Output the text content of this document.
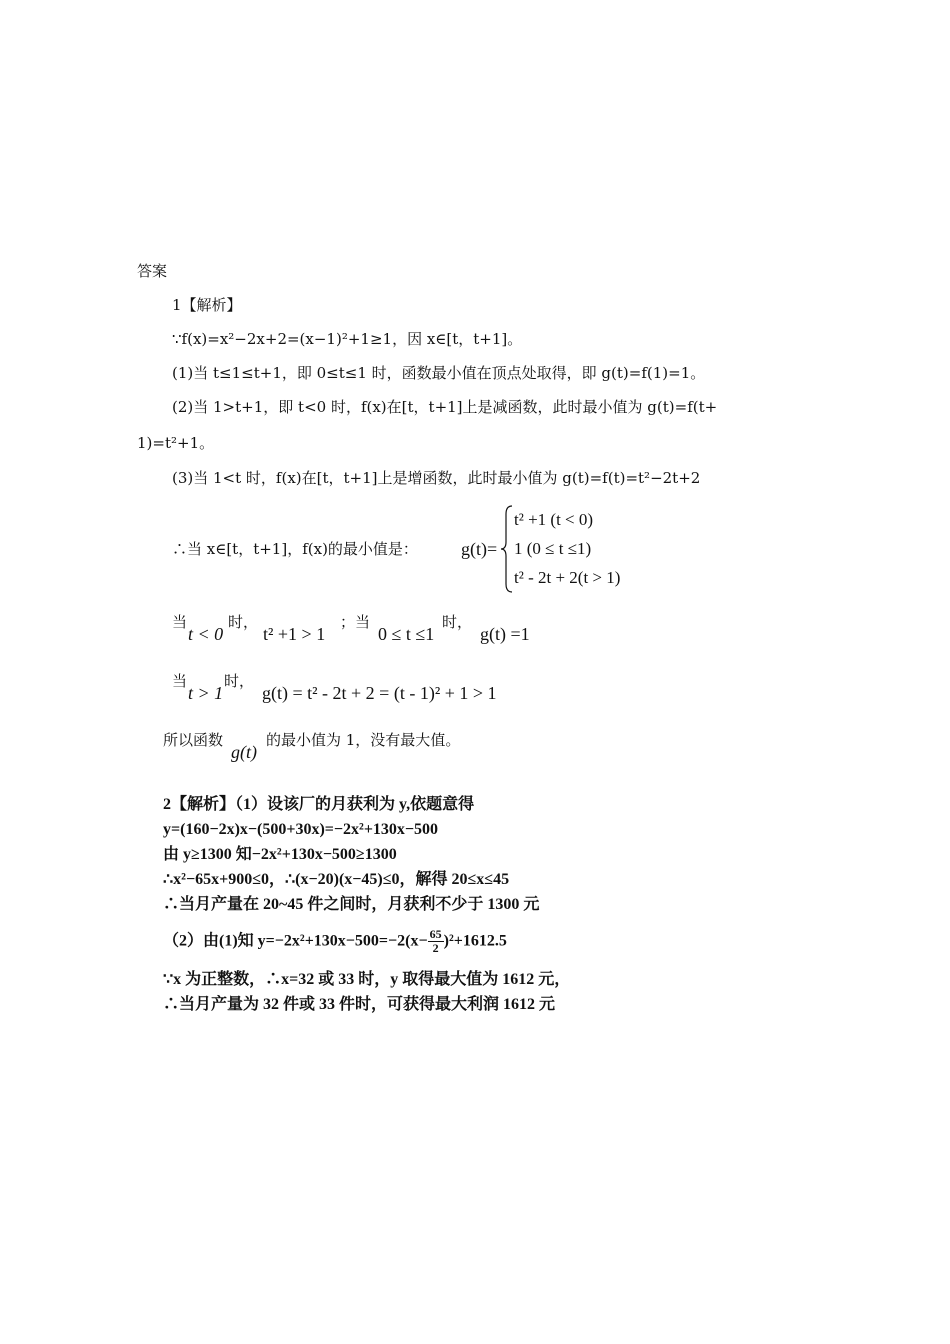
答案
1【解析】
∵f(x)=x²−2x+2=(x−1)²+1≥1，因 x∈[t，t+1]。
(1)当 t≤1≤t+1，即 0≤t≤1 时，函数最小值在顶点处取得，即 g(t)=f(1)=1。
(2)当 1>t+1，即 t<0 时，f(x)在[t，t+1]上是减函数，此时最小值为 g(t)=f(t+
1)=t²+1。
(3)当 1<t 时，f(x)在[t，t+1]上是增函数，此时最小值为 g(t)=f(t)=t²−2t+2
∴当 x∈[t，t+1]，f(x)的最小值是： g(t)=
t² +1 (t < 0)
1 (0 ≤ t ≤1)
t² - 2t + 2(t > 1)
当
t < 0
时，
t² +1 > 1
；当
0 ≤ t ≤1
时，
g(t) =1
当
t > 1
时，
g(t) = t² - 2t + 2 = (t - 1)² + 1 > 1
所以函数
g(t)
的最小值为 1，没有最大值。
2【解析】（1）设该厂的月获利为 y,依题意得
y=(160−2x)x−(500+30x)=−2x²+130x−500
由 y≥1300 知−2x²+130x−500≥1300
∴x²−65x+900≤0，∴(x−20)(x−45)≤0，解得 20≤x≤45
∴当月产量在 20~45 件之间时，月获利不少于 1300 元
（2）由(1)知 $y=-2x^2+130x-500=-2(x- \frac{65}{2} )^2+1612.5$
∵x 为正整数，∴x=32 或 33 时，y 取得最大值为 1612 元，
∴当月产量为 32 件或 33 件时，可获得最大利润 1612 元
